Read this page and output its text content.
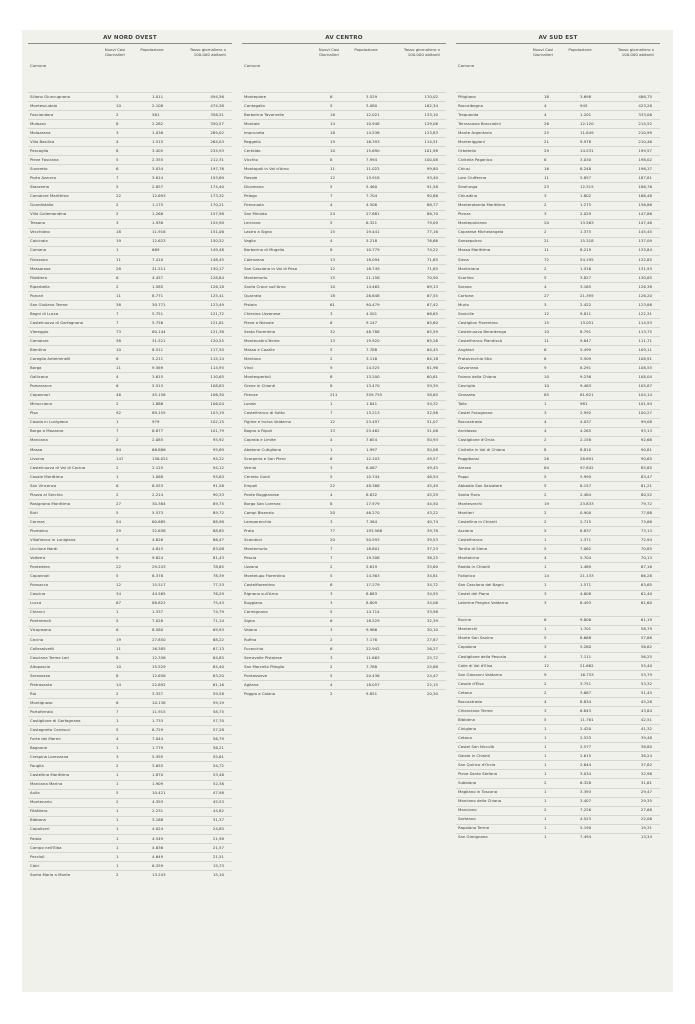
AV NORD OVEST
Comune
Nuovi Casi Giornalieri
Popolazione	Tasso giornaliero x 100.000 abitanti
Sillano Giuncugnano	5	1.011	494,56
Montescudaio	10	2.108	474,38
Fosciandora	2	561	356,51
Mulazzo	8	2.282	350,57
Molazzana	3	1.036	289,02
Villa Basilica	4	1.515	264,03
Pescaglia	8	3.405	234,93
Pieve Fosciana	5	2.355	212,31
Suvereto	6	3.034	197,76
Porto Azzurro	7	3.614	193,69
Stazzema	5	2.857	174,40
Camaiore Marittima	22	12.693	173,32
Guardistallo	2	1.175	170,21
Villa Collemandina	2	1.266	157,98
Tresana	3	1.936	154,90
Vecchiano	18	11.916	151,06
Calcinaia	19	12.623	150,52
Comano	1	669	149,48
Fivizzano	11	7.410	148,45
Massarosa	28	21.511	130,17
Filattiera	6	4.457	128,84
Riparbella	2	1.585	126,18
Porcari	11	8.771	125,41
San Giuliano Terme	38	30.771	123,49
Bagni di Lucca	7	5.751	121,72
Castelnuovo di Garfagnana	7	5.756	121,61
Viareggio	73	60.144	121,38
Camaiore	38	31.521	120,55
Bientina	10	8.511	117,50
Coreglia Antelminelli	6	5.211	115,14
Barga	11	9.569	114,95
Gallicano	4	3.615	110,65
Pomarance	6	5.513	108,83
Capannori	48	45.156	106,30
Minucciano	2	1.886	106,04
Pisa	92	89.155	103,19
Casola in Lunigiana	1	979	102,15
Borgo a Mozzano	7	6.877	101,79
Marciana	2	2.085	95,92
Massa	64	66.886	95,69
Livorno	147	156.021	94,22
Castelnuovo di Val di Cecina	2	2.125	94,12
Casale Marittimo	1	1.068	93,63
San Vincenzo	6	6.553	91,56
Piazza al Serchio	2	2.214	90,33
Rosignano Marittimo	27	30.384	89,75
Buti	5	5.573	89,72
Carrara	54	60.685	88,98
Piombino	29	32.638	88,85
Villafranca in Lunigiana	4	4.626	86,47
Licciana Nardi	4	4.815	83,08
Volterra	9	9.824	81,43
Pontedera	22	29.243	78,65
Capannoli	5	6.378	78,39
Ponsacco	12	15.517	77,33
Cascina	34	44.565	76,29
Lucca	67	88.822	75,43
Chianni	1	1.337	74,79
Pontremoli	5	7.028	71,14
Vicopisano	6	8.580	69,93
Cecina	19	27.850	68,22
Collesalvetti	11	16.385	67,13
Casciana Terme Lari	8	12.336	64,85
Altopascio	10	15.529	64,40
Seravezza	8	12.658	63,20
Pietrasanta	14	22.892	61,16
Rio	2	3.357	59,58
Montignoso	6	10.136	59,19
Portoferraio	7	11.915	58,75
Castiglione di Garfagnana	1	1.733	57,70
Castagneto Carducci	5	8.729	57,28
Forte dei Marmi	4	7.044	56,79
Bagnone	1	1.779	56,21
Crespina Lorenzana	3	5.395	55,61
Fauglia	2	3.655	54,72
Castellina Marittima	1	1.870	53,48
Marciana Marina	1	1.909	52,38
Aulla	5	10.421	47,98
Montecarlo	2	4.393	45,53
Fitattiera	1	2.231	44,82
Bibbona	1	3.188	31,37
Capoliveri	1	4.024	24,85
Palaia	1	4.549	21,98
Campo nell'Elba	1	4.636	21,57
Peccioli	1	4.649	21,51
Calci	1	6.359	15,73
Santa Maria a Monte	2	13.243	15,10
AV CENTRO
Comune
Nuovi Casi Giornalieri
Popolazione	Tasso giornaliero x 100.000 abitanti
Montepiore	6	3.529	170,02
Cantagallo	5	3.080	162,34
Barberino Tavarnelle	16	12.021	133,10
Montale	14	10.948	129,06
Impruneta	18	14.536	123,83
Reggello	19	16.393	114,51
Certaldo	10	15.690	101,98
Vicchio	8	7.994	100,08
Montopoli in Val d'Arno	11	11.022	99,80
Fiesole	12	13.918	93,40
Dicomano	5	5.460	91,58
Pelago	7	7.704	90,86
Firenzuola	4	4.506	88,77
San Miniato	24	27.681	86,70
Lerciano	5	6.321	79,09
Lastra a Signa	15	19.441	77,16
Vaglia	4	5.218	76,66
Barberino di Mugello	8	10.779	74,22
Calenzano	13	18.094	71,85
San Casciano in Val di Pesa	12	16.749	71,65
Montemurlo	15	21.158	70,90
Santa Croce sull'Arno	10	14.465	69,13
Quarrata	18	26.648	67,55
Pistoia	61	90.479	67,42
Chiesina Uzzanese	3	4.501	66,65
Pieve a Nievole	6	9.147	65,60
Sesto Fiorentino	32	48.788	65,59
Montecatini-Terme	13	19.920	65,26
Massa e Cozzile	5	7.788	64,45
Marliana	2	3.116	64,18
Vinci	9	14.525	61,96
Montespertoli	8	13.200	60,61
Greve in Chianti	8	13.470	59,39
Firenze	211	359.755	58,65
Londa	1	1.841	54,32
Castelfranco di Sotto	7	13.213	52,98
Figline e Incisa Valdarno	12	23.497	51,07
Bagno a Ripoli	13	25.462	51,06
Capraia e Limite	4	7.654	50,93
Abetone Cutigliano	1	1.997	50,08
Scarperia e San Piero	6	12.103	49,57
Vernio	3	6.067	49,45
Cerreto Guidi	5	10.744	46,54
Empoli	22	48.368	45,49
Ponte Buggianese	4	8.832	45,29
Borgo San Lorenzo	8	17.979	44,50
Campi Bisenzio	20	46.270	43,22
Lamporecchio	3	7.364	40,74
Prato	77	193.568	39,78
Scandicci	20	50.593	39,53
Montemurlo	7	18.801	37,23
Pescia	7	19.308	36,25
Uzzano	2	5.619	35,60
Montelupo Fiorentino	5	14.363	34,81
Castelfiorentino	6	17.279	34,72
Rignano sull'Arno	3	8.683	34,55
Buggiano	3	8.809	34,06
Carmignano	5	14.714	33,98
Signa	6	18.529	32,39
Vaiano	3	9.966	30,10
Rufina	2	7.176	27,87
Fucecchio	6	22.942	26,27
Serravalle Pistoiese	3	11.663	25,72
San Marcello Piteglio	2	7.788	25,68
Pontassieve	5	20.436	24,47
Agliana	4	18.057	22,15
Poggio a Caiano	2	9.851	20,30
AV SUD EST
Comune
Nuovi Casi Giornalieri
Popolazione	Tasso giornaliero x 100.000 abitanti
Pitigliano	18	3.698	486,75
Roccalbegna	4	945	423,28
Trequanda	4	1.201	333,06
Terranuova Bracciolini	26	12.120	214,52
Monte Argentario	25	11.849	210,99
Monteriggioni	21	9.978	210,46
Orbetello	29	14.531	199,57
Civitella Paganico	6	3.030	198,02
Chiusi	16	8.248	196,37
Loro Ciuffenna	11	5.857	187,81
Sinalunga	23	12.315	186,76
Chiusdino	3	1.802	166,48
Monterotondo Marittimo	2	1.275	156,86
Pienza	3	2.029	147,86
Montepulciano	20	13.563	147,46
Capraese Michelangelo	2	1.375	145,45
Sansepolcro	21	15.318	137,09
Massa Marittima	11	8.219	133,84
Siena	72	54.195	132,85
Monticiano	2	1.516	131,93
Scarlino	5	3.827	130,65
Sorano	4	3.165	126,38
Cortone	27	21.395	126,20
Murlo	3	2.422	123,86
Sovicille	12	9.811	122,31
Castiglion Fiorentino	15	13.051	114,93
Castelnuovo Berardenga	10	8.791	113,75
Castelfranco Piandiscò	11	9.847	111,71
Anghiari	6	5.499	109,11
Pratovecchio Stia	6	5.509	108,91
Gavorrano	9	8.291	108,55
Foiano della Chiana	10	9.236	108,04
Cavriglia	10	9.463	105,67
Grosseto	85	81.621	104,14
Talla	1	981	101,94
Castel Focognano	3	2.992	100,27
Roccastrada	4	4.037	99,08
Arcidosso	4	4.265	93,13
Castiglione d'Orcia	2	2.158	92,68
Civitella in Val di Chiana	8	8.810	90,81
Poggibonsi	26	28.691	90,65
Arezzo	84	97.842	85,85
Poppi	5	5.990	83,47
Abbadia San Salvatore	5	6.157	81,21
Santa Fiora	2	2.484	80,52
Montevarchi	19	23.833	79,72
Montieri	2	0.900	77,88
Castellina in Chianti	2	2.715	73,66
Asciano	5	6.837	73,13
Castelfranco	1	1.371	72,94
Torrita di Siena	5	7.062	70,85
Montalcino	4	5.704	70,13
Radda in Chianti	1	1.489	67,16
Follonica	14	21.133	66,28
San Casciano dei Bagni	1	1.571	63,65
Castel del Piano	3	4.808	62,40
Laterina Pergine Valdarno	3	6.493	61,60
Bucine	6	9.806	61,19
Monterchi	1	1.701	58,79
Monte San Savino	5	8.668	57,68
Capolona	3	5.280	56,82
Castiglione della Pescaia	4	7.111	56,25
Colle di Val d'Elsa	12	21.662	55,40
San Giovanni Valdarno	9	16.733	53,79
Casole d'Elsa	2	3.751	53,32
Cetona	2	3.887	51,45
Roccastrada	4	8.834	45,28
Chianciano Terme	3	6.843	43,84
Bibbiena	5	11.761	42,51
Cinigiano	1	2.420	41,32
Cetona	1	2.533	39,48
Castel San Niccolò	1	2.577	38,80
Gaiole in Chianti	1	2.615	38,24
San Quirico d'Orcia	1	2.644	37,82
Pieve Santo Stefano	1	3.034	32,96
Subbiano	2	6.328	31,61
Magliano in Toscana	1	3.393	29,47
Marciano della Chiana	1	3.407	29,35
Manciano	2	7.226	27,68
Sarteano	1	4.523	22,06
Rapolano Terme	1	5.190	19,31
San Gimignano	1	7.494	13,34
